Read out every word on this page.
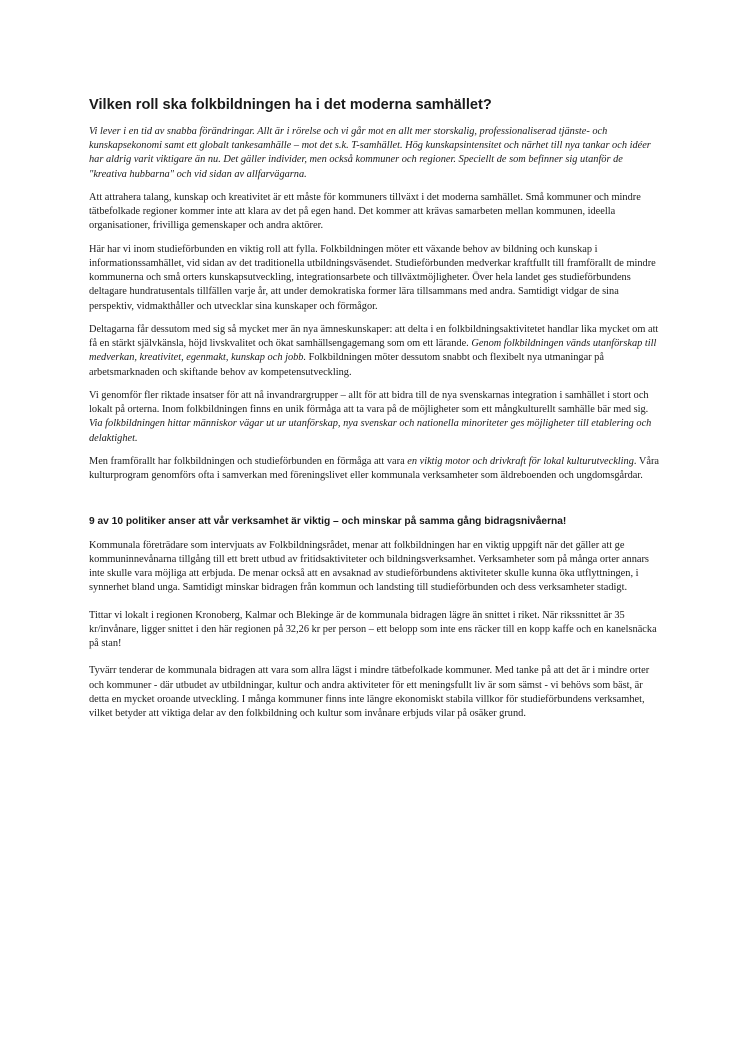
Vilken roll ska folkbildningen ha i det moderna samhället?

Vi lever i en tid av snabba förändringar. Allt är i rörelse och vi går mot en allt mer storskalig, professionaliserad tjänste- och kunskapsekonomi samt ett globalt tankesamhälle – mot det s.k. T-samhället. Hög kunskapsintensitet och närhet till nya tankar och idéer har aldrig varit viktigare än nu. Det gäller individer, men också kommuner och regioner. Speciellt de som befinner sig utanför de "kreativa hubbarna" och vid sidan av allfarvägarna.

Att attrahera talang, kunskap och kreativitet är ett måste för kommuners tillväxt i det moderna samhället. Små kommuner och mindre tätbefolkade regioner kommer inte att klara av det på egen hand. Det kommer att krävas samarbeten mellan kommunen, ideella organisationer, frivilliga gemenskaper och andra aktörer.

Här har vi inom studieförbunden en viktig roll att fylla. Folkbildningen möter ett växande behov av bildning och kunskap i informationssamhället, vid sidan av det traditionella utbildningsväsendet. Studieförbunden medverkar kraftfullt till framförallt de mindre kommunerna och små orters kunskapsutveckling, integrationsarbete och tillväxtmöjligheter. Över hela landet ges studieförbundens deltagare hundratusentals tillfällen varje år, att under demokratiska former lära tillsammans med andra. Samtidigt vidgar de sina perspektiv, vidmakthåller och utvecklar sina kunskaper och förmågor.

Deltagarna får dessutom med sig så mycket mer än nya ämneskunskaper: att delta i en folkbildningsaktivitetet handlar lika mycket om att få en stärkt självkänsla, höjd livskvalitet och ökat samhällsengagemang som om ett lärande. Genom folkbildningen vänds utanförskap till medverkan, kreativitet, egenmakt, kunskap och jobb. Folkbildningen möter dessutom snabbt och flexibelt nya utmaningar på arbetsmarknaden och skiftande behov av kompetensutveckling.

Vi genomför fler riktade insatser för att nå invandrargrupper – allt för att bidra till de nya svenskarnas integration i samhället i stort och lokalt på orterna. Inom folkbildningen finns en unik förmåga att ta vara på de möjligheter som ett mångkulturellt samhälle bär med sig. Via folkbildningen hittar människor vägar ut ur utanförskap, nya svenskar och nationella minoriteter ges möjligheter till etablering och delaktighet.

Men framförallt har folkbildningen och studieförbunden en förmåga att vara en viktig motor och drivkraft för lokal kulturutveckling. Våra kulturprogram genomförs ofta i samverkan med föreningslivet eller kommunala verksamheter som äldreboenden och ungdomsgårdar.

9 av 10 politiker anser att vår verksamhet är viktig – och minskar på samma gång bidragsnivåerna!

Kommunala företrädare som intervjuats av Folkbildningsrådet, menar att folkbildningen har en viktig uppgift när det gäller att ge kommuninnevånarna tillgång till ett brett utbud av fritidsaktiviteter och bildningsverksamhet. Verksamheter som på många orter annars inte skulle vara möjliga att erbjuda. De menar också att en avsaknad av studieförbundens aktiviteter skulle kunna öka utflyttningen, i synnerhet bland unga. Samtidigt minskar bidragen från kommun och landsting till studieförbunden och dess verksamheter stadigt.

Tittar vi lokalt i regionen Kronoberg, Kalmar och Blekinge är de kommunala bidragen lägre än snittet i riket. När rikssnittet är 35 kr/invånare, ligger snittet i den här regionen på 32,26 kr per person – ett belopp som inte ens räcker till en kopp kaffe och en kanelsnäcka på stan!

Tyvärr tenderar de kommunala bidragen att vara som allra lägst i mindre tätbefolkade kommuner. Med tanke på att det är i mindre orter och kommuner - där utbudet av utbildningar, kultur och andra aktiviteter för ett meningsfullt liv är som sämst - vi behövs som bäst, är detta en mycket oroande utveckling. I många kommuner finns inte längre ekonomiskt stabila villkor för studieförbundens verksamhet, vilket betyder att viktiga delar av den folkbildning och kultur som invånare erbjuds vilar på osäker grund.
